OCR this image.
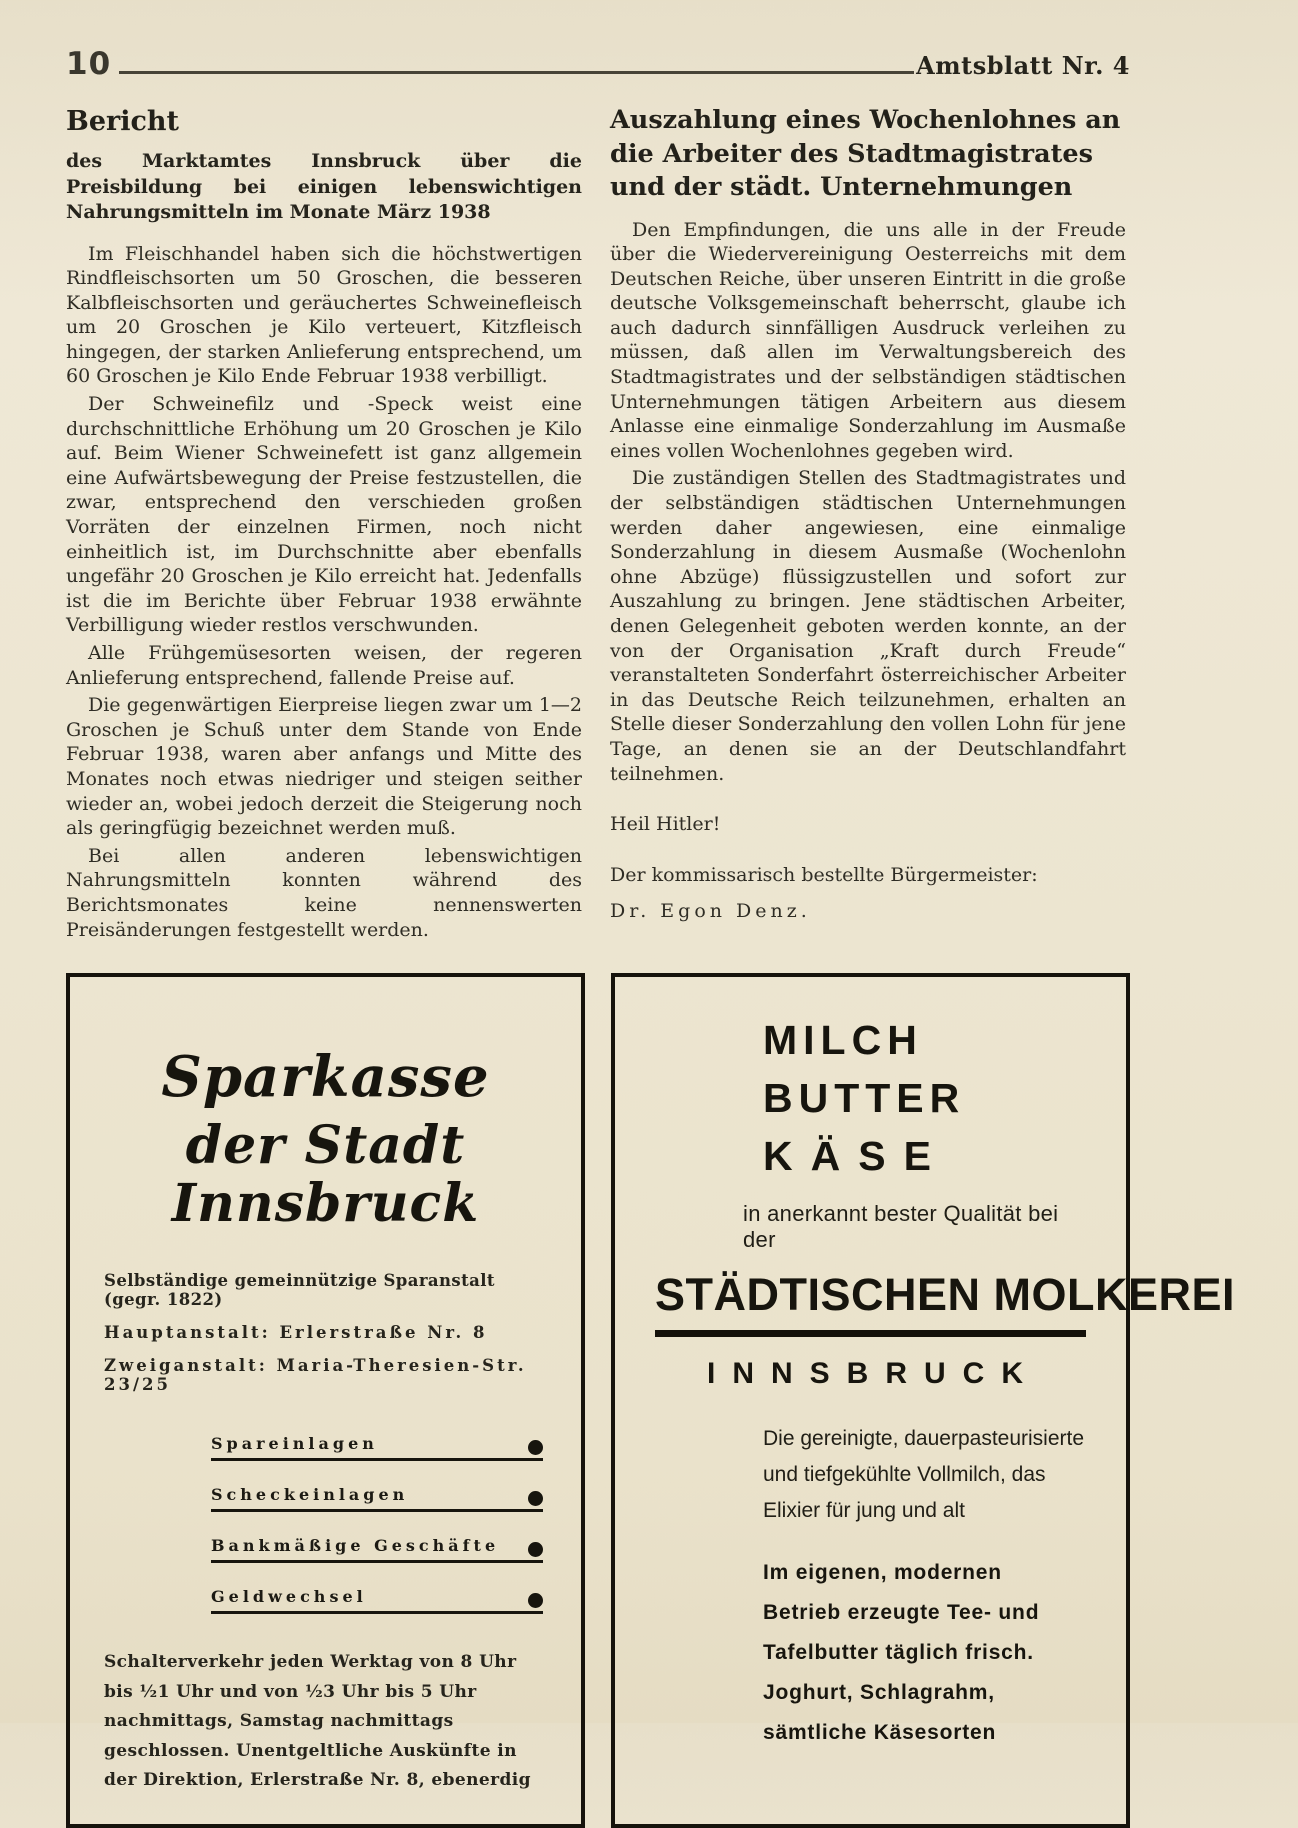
10	Amtsblatt Nr. 4
Bericht
des Marktamtes Innsbruck über die Preisbildung bei einigen lebenswichtigen Nahrungsmitteln im Monate März 1938

Im Fleischhandel haben sich die höchstwertigen Rindfleischsorten um 50 Groschen, die besseren Kalbfleischsorten und geräuchertes Schweinefleisch um 20 Groschen je Kilo verteuert, Kitzfleisch hingegen, der starken Anlieferung entsprechend, um 60 Groschen je Kilo Ende Februar 1938 verbilligt.

Der Schweinefilz und -Speck weist eine durchschnittliche Erhöhung um 20 Groschen je Kilo auf. Beim Wiener Schweinefett ist ganz allgemein eine Aufwärtsbewegung der Preise festzustellen, die zwar, entsprechend den verschieden großen Vorräten der einzelnen Firmen, noch nicht einheitlich ist, im Durchschnitte aber ebenfalls ungefähr 20 Groschen je Kilo erreicht hat. Jedenfalls ist die im Berichte über Februar 1938 erwähnte Verbilligung wieder restlos verschwunden.

Alle Frühgemüsesorten weisen, der regeren Anlieferung entsprechend, fallende Preise auf.

Die gegenwärtigen Eierpreise liegen zwar um 1—2 Groschen je Schuß unter dem Stande von Ende Februar 1938, waren aber anfangs und Mitte des Monates noch etwas niedriger und steigen seither wieder an, wobei jedoch derzeit die Steigerung noch als geringfügig bezeichnet werden muß.

Bei allen anderen lebenswichtigen Nahrungsmitteln konnten während des Berichtsmonates keine nennenswerten Preisänderungen festgestellt werden.

Auszahlung eines Wochenlohnes an die Arbeiter des Stadtmagistrates und der städt. Unternehmungen

Den Empfindungen, die uns alle in der Freude über die Wiedervereinigung Oesterreichs mit dem Deutschen Reiche, über unseren Eintritt in die große deutsche Volksgemeinschaft beherrscht, glaube ich auch dadurch sinnfälligen Ausdruck verleihen zu müssen, daß allen im Verwaltungsbereich des Stadtmagistrates und der selbständigen städtischen Unternehmungen tätigen Arbeitern aus diesem Anlasse eine einmalige Sonderzahlung im Ausmaße eines vollen Wochenlohnes gegeben wird.

Die zuständigen Stellen des Stadtmagistrates und der selbständigen städtischen Unternehmungen werden daher angewiesen, eine einmalige Sonderzahlung in diesem Ausmaße (Wochenlohn ohne Abzüge) flüssigzustellen und sofort zur Auszahlung zu bringen. Jene städtischen Arbeiter, denen Gelegenheit geboten werden konnte, an der von der Organisation „Kraft durch Freude“ veranstalteten Sonderfahrt österreichischer Arbeiter in das Deutsche Reich teilzunehmen, erhalten an Stelle dieser Sonderzahlung den vollen Lohn für jene Tage, an denen sie an der Deutschlandfahrt teilnehmen.

Heil Hitler!

Der kommissarisch bestellte Bürgermeister:

Dr. Egon Denz.

Sparkasse
der Stadt Innsbruck
Selbständige gemeinnützige Sparanstalt (gegr. 1822)
Hauptanstalt: Erlerstraße Nr. 8
Zweiganstalt: Maria-Theresien-Str. 23/25
Spareinlagen
Scheckeinlagen
Bankmäßige Geschäfte
Geldwechsel
Schalterverkehr jeden Werktag von 8 Uhr bis ½1 Uhr und von ½3 Uhr bis 5 Uhr nachmittags, Samstag nachmittags geschlossen. Unentgeltliche Auskünfte in der Direktion, Erlerstraße Nr. 8, ebenerdig
MILCH
BUTTER
KÄSE
in anerkannt bester Qualität bei der
STÄDTISCHEN MOLKEREI
INNSBRUCK
Die gereinigte, dauerpasteurisierte und tiefgekühlte Vollmilch, das Elixier für jung und alt
Im eigenen, modernen Betrieb erzeugte Tee- und Tafelbutter täglich frisch. Joghurt, Schlagrahm, sämtliche Käsesorten
